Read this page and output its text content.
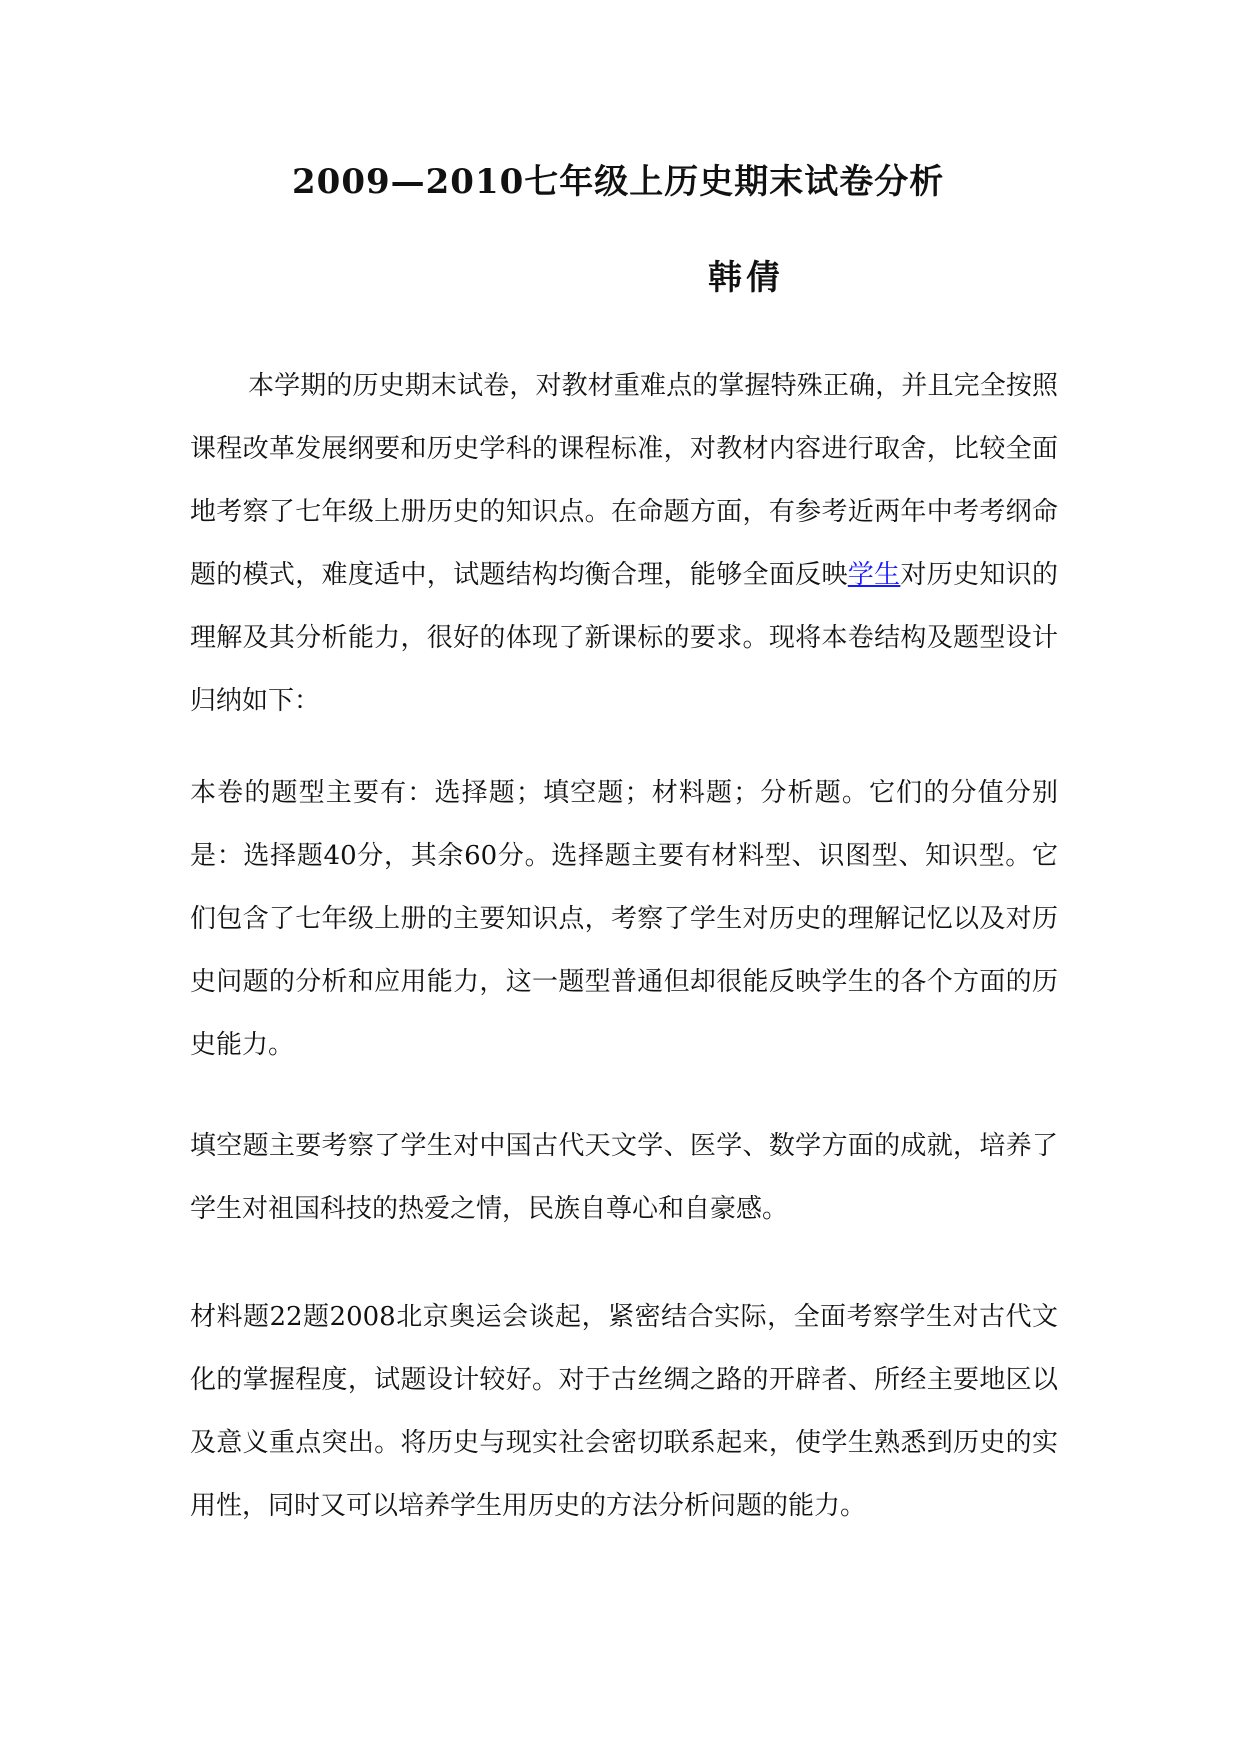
2009—2010七年级上历史期末试卷分析
韩倩

本学期的历史期末试卷，对教材重难点的掌握特殊正确，并且完全按照课程改革发展纲要和历史学科的课程标准，对教材内容进行取舍，比较全面地考察了七年级上册历史的知识点。在命题方面，有参考近两年中考考纲命题的模式，难度适中，试题结构均衡合理，能够全面反映学生对历史知识的理解及其分析能力，很好的体现了新课标的要求。现将本卷结构及题型设计归纳如下：

本卷的题型主要有：选择题；填空题；材料题；分析题。它们的分值分别是：选择题40分，其余60分。选择题主要有材料型、识图型、知识型。它们包含了七年级上册的主要知识点，考察了学生对历史的理解记忆以及对历史问题的分析和应用能力，这一题型普通但却很能反映学生的各个方面的历史能力。

填空题主要考察了学生对中国古代天文学、医学、数学方面的成就，培养了学生对祖国科技的热爱之情，民族自尊心和自豪感。

材料题22题2008北京奥运会谈起，紧密结合实际，全面考察学生对古代文化的掌握程度，试题设计较好。对于古丝绸之路的开辟者、所经主要地区以及意义重点突出。将历史与现实社会密切联系起来，使学生熟悉到历史的实用性，同时又可以培养学生用历史的方法分析问题的能力。
